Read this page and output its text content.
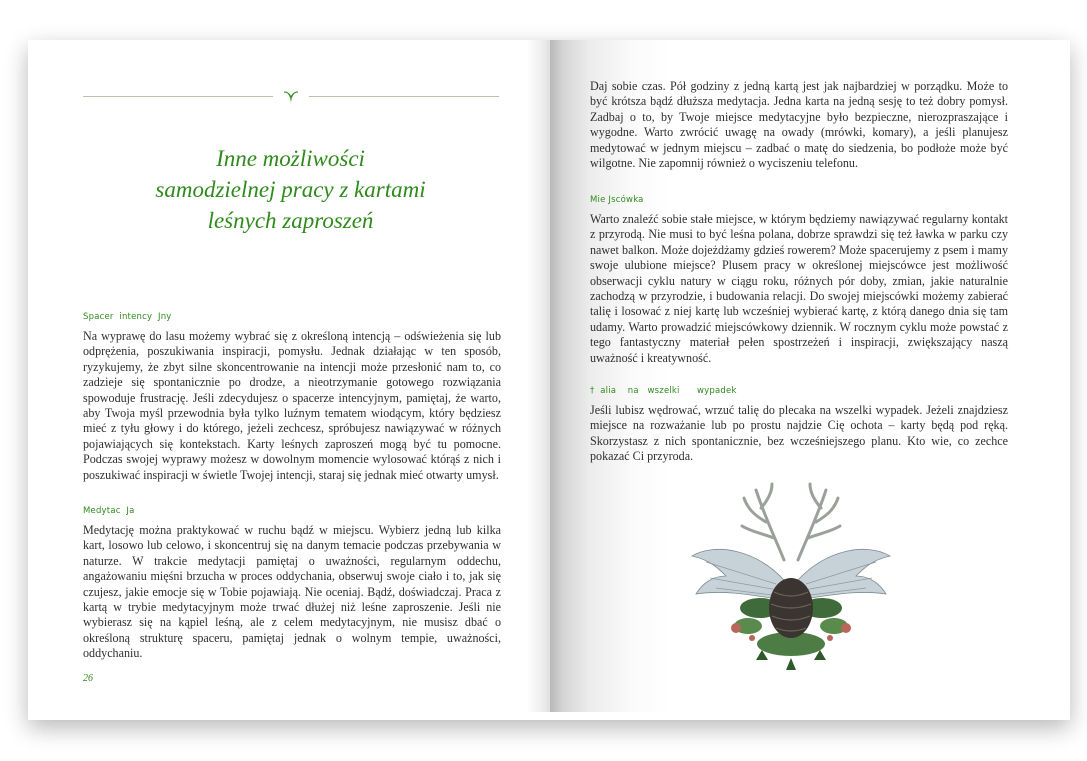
Inne możliwości
samodzielnej pracy z kartami
leśnych zaproszeń
Spacer  intency  Jny

Na wyprawę do lasu możemy wybrać się z określoną intencją – odświeżenia się lub odprężenia, poszukiwania inspiracji, pomysłu. Jednak działając w ten sposób, ryzykujemy, że zbyt silne skoncentrowanie na intencji może przesłonić nam to, co zadzieje się spontanicznie po drodze, a nieotrzymanie gotowego rozwiązania spowoduje frustrację. Jeśli zdecydujesz o spacerze intencyjnym, pamiętaj, że warto, aby Twoja myśl przewodnia była tylko luźnym tematem wiodącym, który będziesz mieć z tyłu głowy i do którego, jeżeli zechcesz, spróbujesz nawiązywać w różnych pojawiających się kontekstach. Karty leśnych zaproszeń mogą być tu pomocne. Podczas swojej wyprawy możesz w dowolnym momencie wylosować którąś z nich i poszukiwać inspiracji w świetle Twojej intencji, staraj się jednak mieć otwarty umysł.

Medytac  Ja

Medytację można praktykować w ruchu bądź w miejscu. Wybierz jedną lub kilka kart, losowo lub celowo, i skoncentruj się na danym temacie podczas przebywania w naturze. W trakcie medytacji pamiętaj o uważności, regularnym oddechu, angażowaniu mięśni brzucha w proces oddychania, obserwuj swoje ciało i to, jak się czujesz, jakie emocje się w Tobie pojawiają. Nie oceniaj. Bądź, doświadczaj. Praca z kartą w trybie medytacyjnym może trwać dłużej niż leśne zaproszenie. Jeśli nie wybierasz się na kąpiel leśną, ale z celem medytacyjnym, nie musisz dbać o określoną strukturę spaceru, pamiętaj jednak o wolnym tempie, uważności, oddychaniu.

26

Daj sobie czas. Pół godziny z jedną kartą jest jak najbardziej w porządku. Może to być krótsza bądź dłuższa medytacja. Jedna karta na jedną sesję to też dobry pomysł. Zadbaj o to, by Twoje miejsce medytacyjne było bezpieczne, nierozpraszające i wygodne. Warto zwrócić uwagę na owady (mrówki, komary), a jeśli planujesz medytować w jednym miejscu – zadbać o matę do siedzenia, bo podłoże może być wilgotne. Nie zapomnij również o wyciszeniu telefonu.

Mie Jscówka

Warto znaleźć sobie stałe miejsce, w którym będziemy nawiązywać regularny kontakt z przyrodą. Nie musi to być leśna polana, dobrze sprawdzi się też ławka w parku czy nawet balkon. Może dojeżdżamy gdzieś rowerem? Może spacerujemy z psem i mamy swoje ulubione miejsce? Plusem pracy w określonej miejscówce jest możliwość obserwacji cyklu natury w ciągu roku, różnych pór doby, zmian, jakie naturalnie zachodzą w przyrodzie, i budowania relacji. Do swojej miejscówki możemy zabierać talię i losować z niej kartę lub wcześniej wybierać kartę, z którą danego dnia się tam udamy. Warto prowadzić miejscówkowy dziennik. W rocznym cyklu może powstać z tego fantastyczny materiał pełen spostrzeżeń i inspiracji, zwiększający naszą uważność i kreatywność.

†  alia    na   wszelki      wypadek

Jeśli lubisz wędrować, wrzuć talię do plecaka na wszelki wypadek. Jeżeli znajdziesz miejsce na rozważanie lub po prostu najdzie Cię ochota – karty będą pod ręką. Skorzystasz z nich spontanicznie, bez wcześniejszego planu. Kto wie, co zechce pokazać Ci przyroda.
